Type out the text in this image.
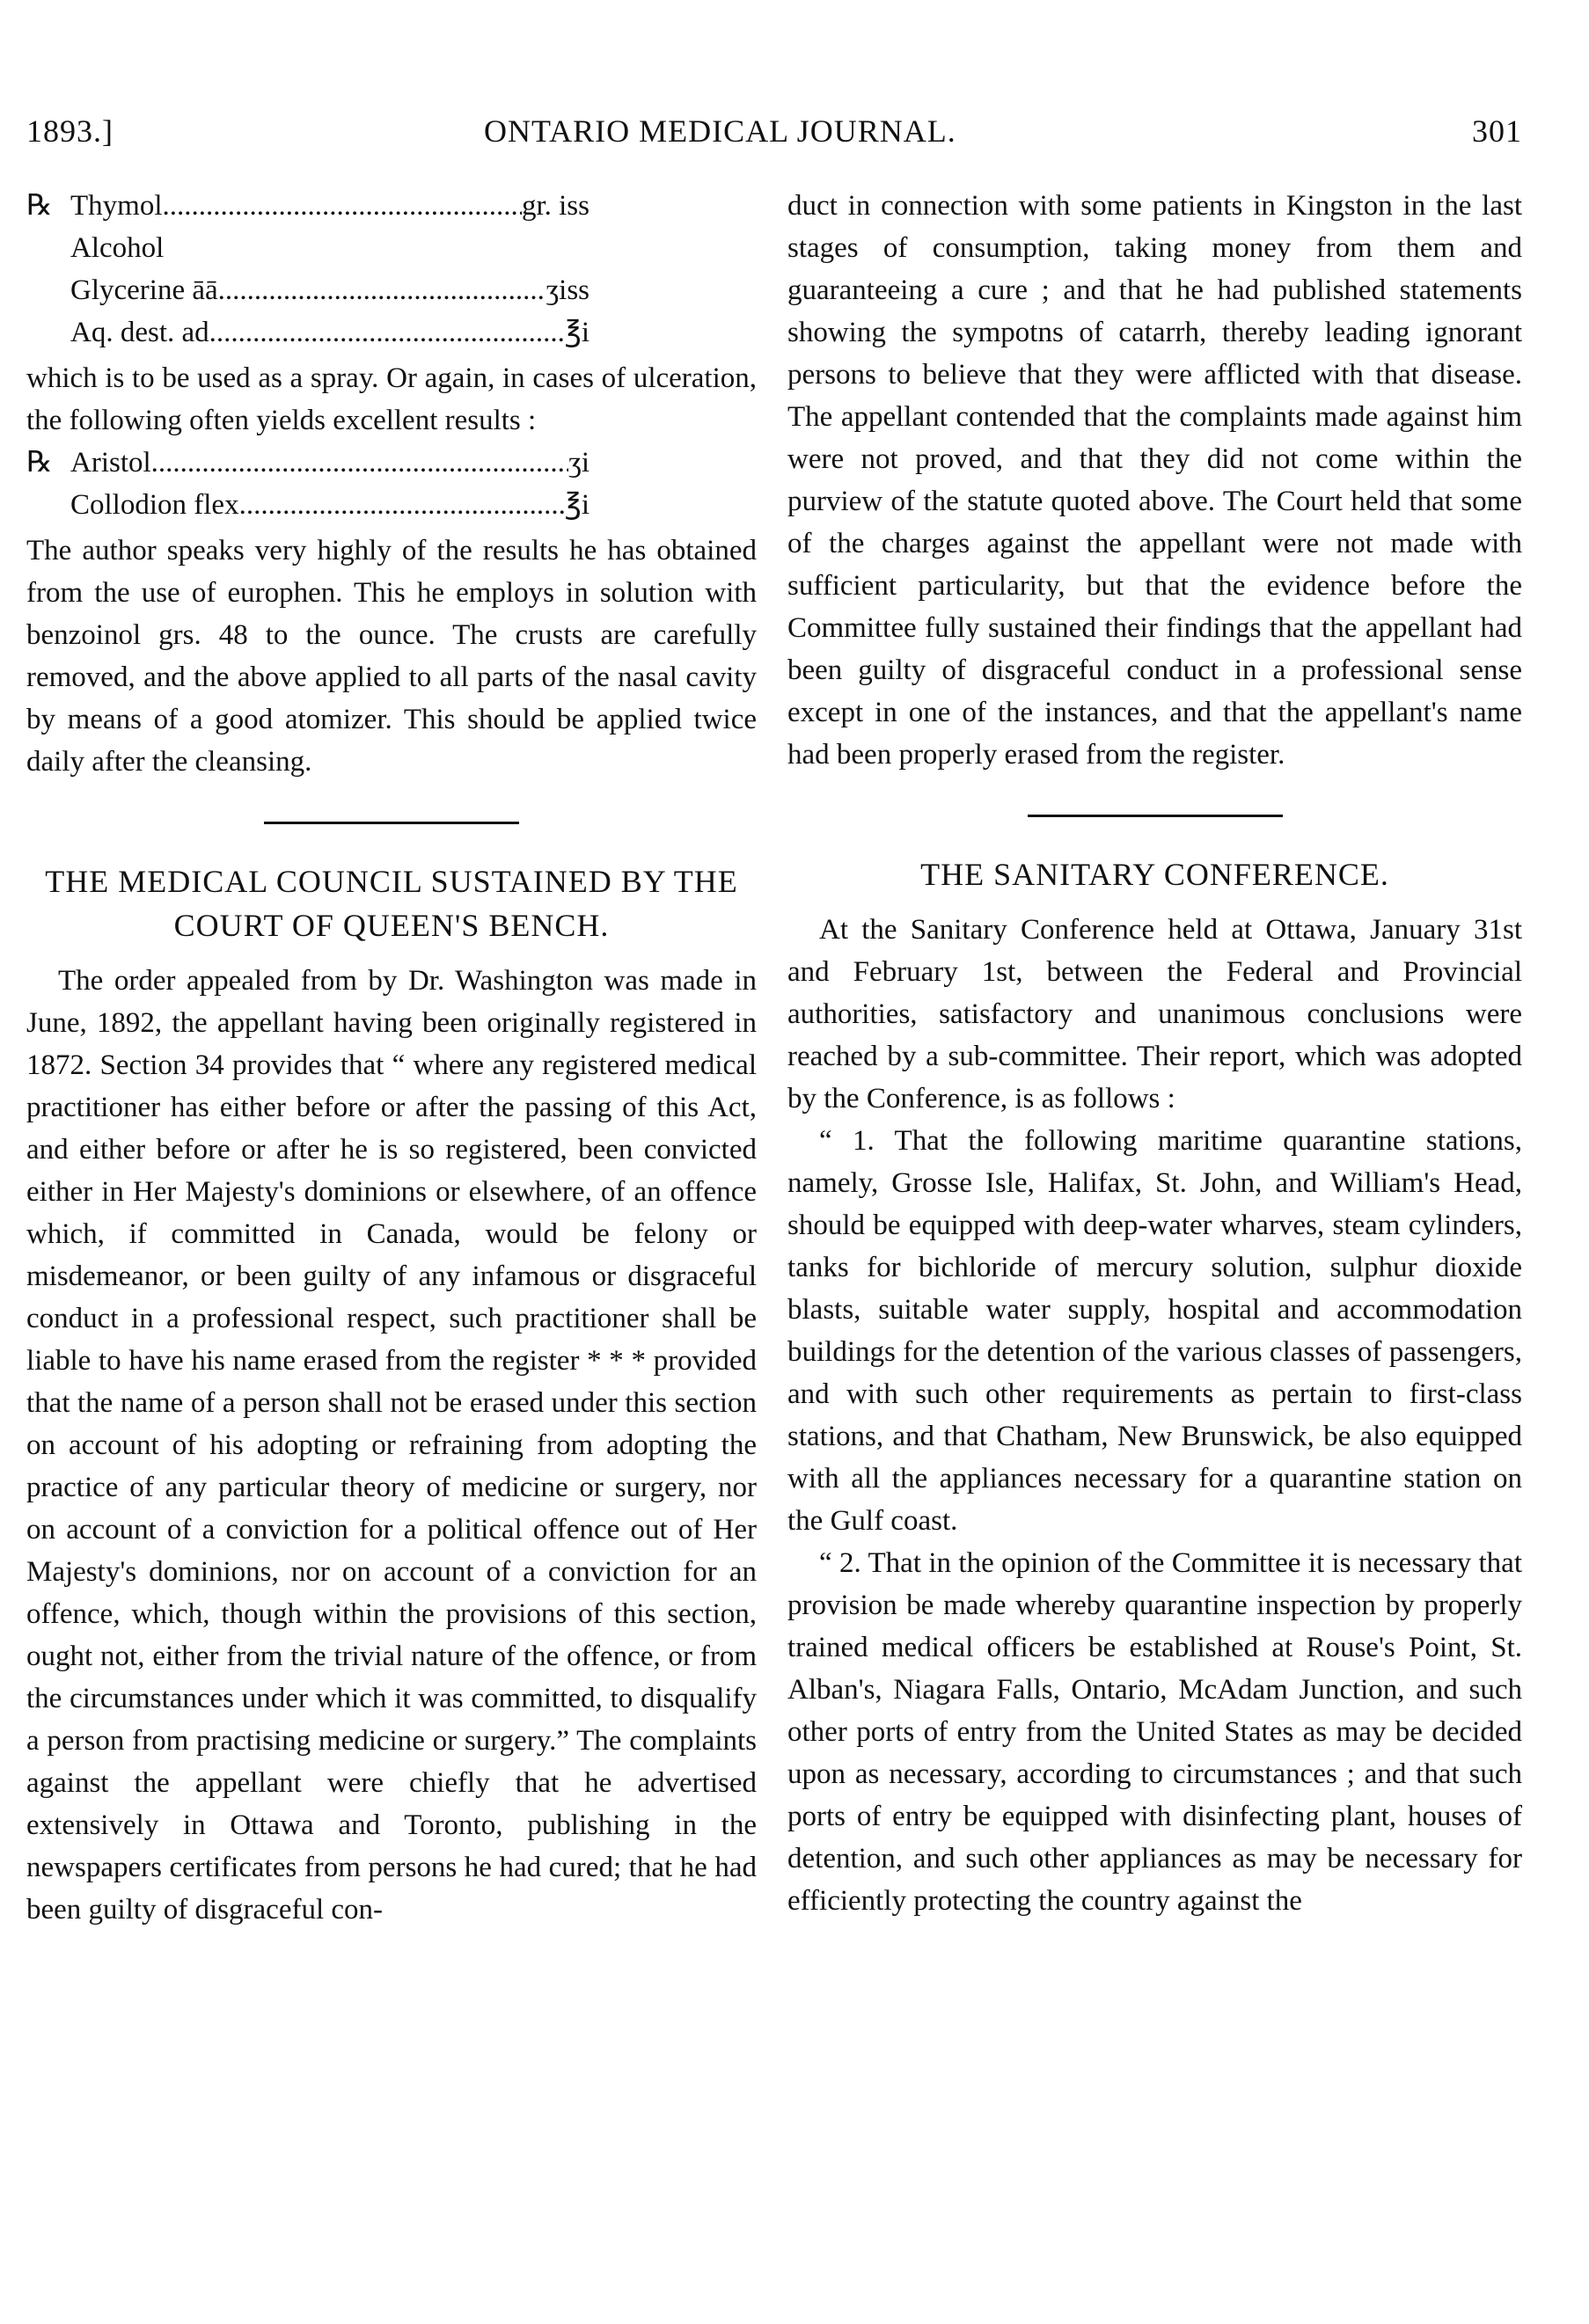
1893.]	ONTARIO MEDICAL JOURNAL.	301
℞ Thymol .....	gr. iss
Alcohol
Glycerine āā .....	ʒiss
Aq. dest. ad .....	℥i

which is to be used as a spray. Or again, in cases of ulceration, the following often yields excellent results :

℞ Aristol .....	ʒi
Collodion flex .....	℥i

The author speaks very highly of the results he has obtained from the use of europhen. This he employs in solution with benzoinol grs. 48 to the ounce. The crusts are carefully removed, and the above applied to all parts of the nasal cavity by means of a good atomizer. This should be applied twice daily after the cleansing.

THE MEDICAL COUNCIL SUSTAINED BY THE COURT OF QUEEN'S BENCH.

The order appealed from by Dr. Washington was made in June, 1892, the appellant having been originally registered in 1872. Section 34 provides that “ where any registered medical practitioner has either before or after the passing of this Act, and either before or after he is so registered, been convicted either in Her Majesty's dominions or elsewhere, of an offence which, if committed in Canada, would be felony or misdemeanor, or been guilty of any infamous or disgraceful conduct in a professional respect, such practitioner shall be liable to have his name erased from the register * * * provided that the name of a person shall not be erased under this section on account of his adopting or refraining from adopting the practice of any particular theory of medicine or surgery, nor on account of a conviction for a political offence out of Her Majesty's dominions, nor on account of a conviction for an offence, which, though within the provisions of this section, ought not, either from the trivial nature of the offence, or from the circumstances under which it was committed, to disqualify a person from practising medicine or surgery.” The complaints against the appellant were chiefly that he advertised extensively in Ottawa and Toronto, publishing in the newspapers certificates from persons he had cured; that he had been guilty of disgraceful con-

duct in connection with some patients in Kingston in the last stages of consumption, taking money from them and guaranteeing a cure ; and that he had published statements showing the sympotns of catarrh, thereby leading ignorant persons to believe that they were afflicted with that disease. The appellant contended that the complaints made against him were not proved, and that they did not come within the purview of the statute quoted above. The Court held that some of the charges against the appellant were not made with sufficient particularity, but that the evidence before the Committee fully sustained their findings that the appellant had been guilty of disgraceful conduct in a professional sense except in one of the instances, and that the appellant's name had been properly erased from the register.

THE SANITARY CONFERENCE.

At the Sanitary Conference held at Ottawa, January 31st and February 1st, between the Federal and Provincial authorities, satisfactory and unanimous conclusions were reached by a sub-committee. Their report, which was adopted by the Conference, is as follows :

“ 1. That the following maritime quarantine stations, namely, Grosse Isle, Halifax, St. John, and William's Head, should be equipped with deep-water wharves, steam cylinders, tanks for bichloride of mercury solution, sulphur dioxide blasts, suitable water supply, hospital and accommodation buildings for the detention of the various classes of passengers, and with such other requirements as pertain to first-class stations, and that Chatham, New Brunswick, be also equipped with all the appliances necessary for a quarantine station on the Gulf coast.

“ 2. That in the opinion of the Committee it is necessary that provision be made whereby quarantine inspection by properly trained medical officers be established at Rouse's Point, St. Alban's, Niagara Falls, Ontario, McAdam Junction, and such other ports of entry from the United States as may be decided upon as necessary, according to circumstances ; and that such ports of entry be equipped with disinfecting plant, houses of detention, and such other appliances as may be necessary for efficiently protecting the country against the
